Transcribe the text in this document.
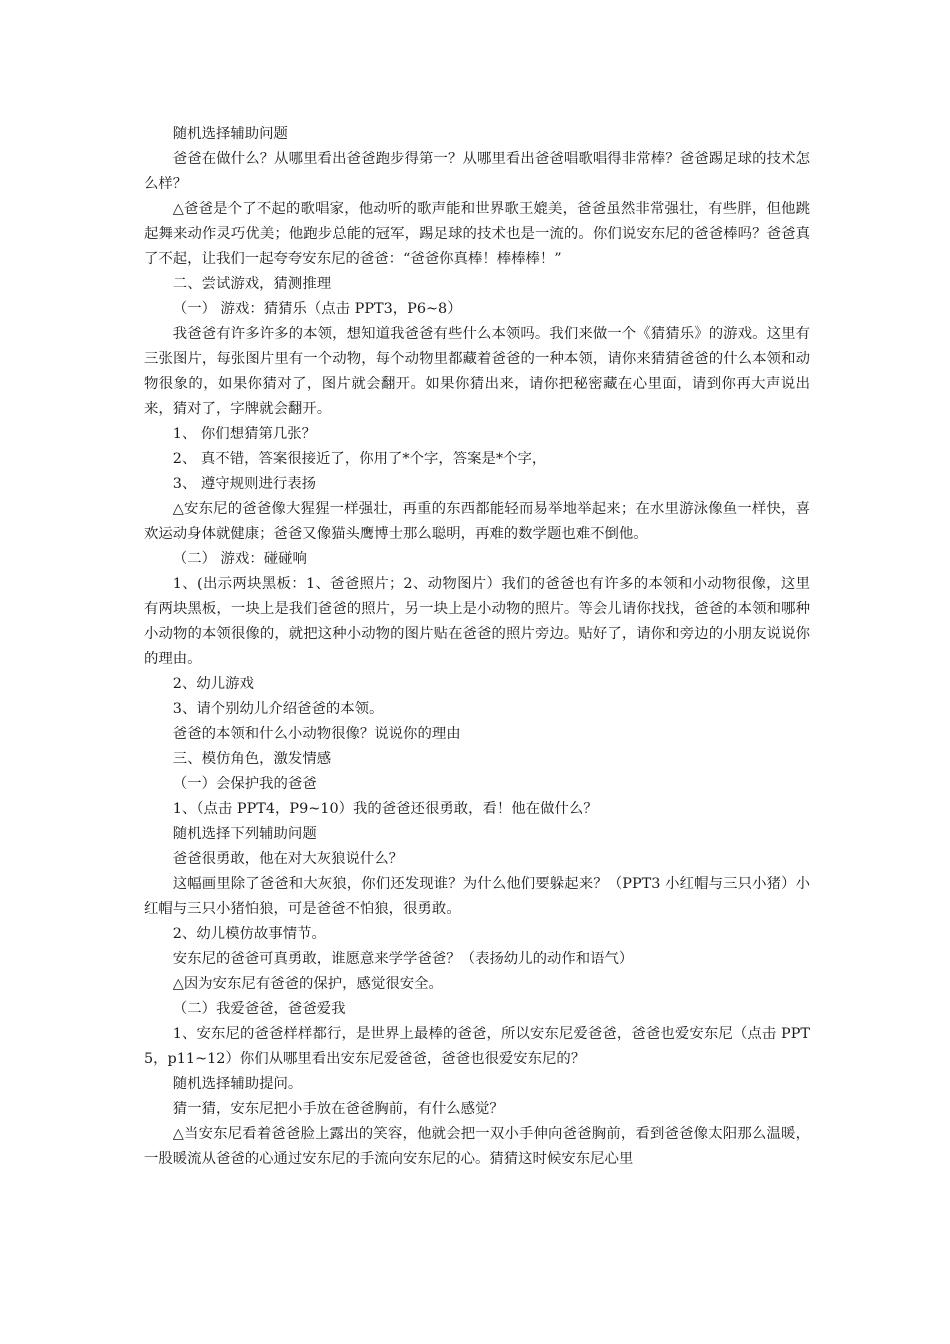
随机选择辅助问题

爸爸在做什么？从哪里看出爸爸跑步得第一？从哪里看出爸爸唱歌唱得非常棒？爸爸踢足球的技术怎么样？

△爸爸是个了不起的歌唱家，他动听的歌声能和世界歌王媲美，爸爸虽然非常强壮，有些胖，但他跳起舞来动作灵巧优美；他跑步总能的冠军，踢足球的技术也是一流的。你们说安东尼的爸爸棒吗？爸爸真了不起，让我们一起夸夸安东尼的爸爸：“爸爸你真棒！棒棒棒！”

二、尝试游戏，猜测推理

（一） 游戏：猜猜乐（点击 PPT3，P6~8）

我爸爸有许多许多的本领，想知道我爸爸有些什么本领吗。我们来做一个《猜猜乐》的游戏。这里有三张图片，每张图片里有一个动物，每个动物里都藏着爸爸的一种本领，请你来猜猜爸爸的什么本领和动物很象的，如果你猜对了，图片就会翻开。如果你猜出来，请你把秘密藏在心里面，请到你再大声说出来，猜对了，字牌就会翻开。

1、 你们想猜第几张？

2、 真不错，答案很接近了，你用了*个字，答案是*个字，

3、 遵守规则进行表扬

△安东尼的爸爸像大猩猩一样强壮，再重的东西都能轻而易举地举起来；在水里游泳像鱼一样快，喜欢运动身体就健康；爸爸又像猫头鹰博士那么聪明，再难的数学题也难不倒他。

（二） 游戏：碰碰响

1、(出示两块黑板：1、爸爸照片；2、动物图片）我们的爸爸也有许多的本领和小动物很像，这里有两块黑板，一块上是我们爸爸的照片，另一块上是小动物的照片。等会儿请你找找，爸爸的本领和哪种小动物的本领很像的，就把这种小动物的图片贴在爸爸的照片旁边。贴好了，请你和旁边的小朋友说说你的理由。

2、幼儿游戏

3、请个别幼儿介绍爸爸的本领。

爸爸的本领和什么小动物很像？说说你的理由

三、模仿角色，激发情感

（一）会保护我的爸爸

1、（点击 PPT4，P9~10）我的爸爸还很勇敢，看！他在做什么？

随机选择下列辅助问题

爸爸很勇敢，他在对大灰狼说什么？

这幅画里除了爸爸和大灰狼，你们还发现谁？为什么他们要躲起来？（PPT3 小红帽与三只小猪）小红帽与三只小猪怕狼，可是爸爸不怕狼，很勇敢。

2、幼儿模仿故事情节。

安东尼的爸爸可真勇敢，谁愿意来学学爸爸？（表扬幼儿的动作和语气）

△因为安东尼有爸爸的保护，感觉很安全。

（二）我爱爸爸，爸爸爱我

1、安东尼的爸爸样样都行，是世界上最棒的爸爸，所以安东尼爱爸爸，爸爸也爱安东尼（点击 PPT5，p11~12）你们从哪里看出安东尼爱爸爸，爸爸也很爱安东尼的？

随机选择辅助提问。

猜一猜，安东尼把小手放在爸爸胸前，有什么感觉？

△当安东尼看着爸爸脸上露出的笑容，他就会把一双小手伸向爸爸胸前，看到爸爸像太阳那么温暖，一股暖流从爸爸的心通过安东尼的手流向安东尼的心。猜猜这时候安东尼心里
